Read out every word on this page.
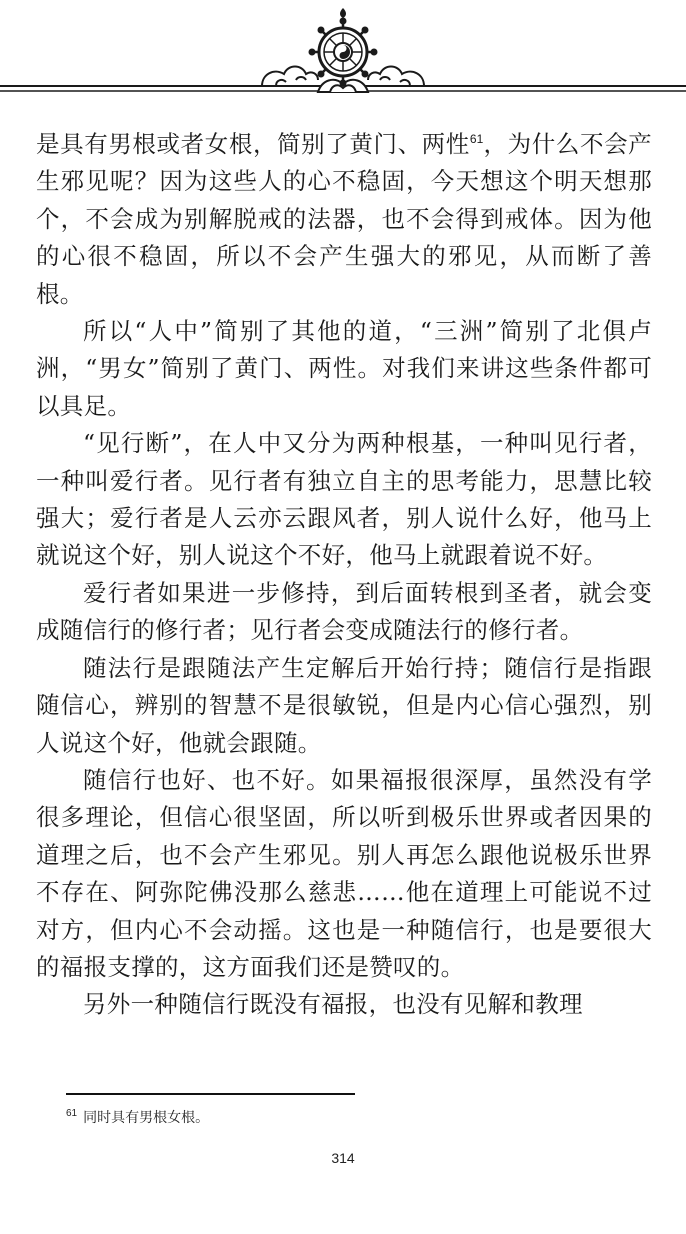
是具有男根或者女根，简别了黄门、两性$^{61}$，为什么不会产生邪见呢？因为这些人的心不稳固，今天想这个明天想那个，不会成为别解脱戒的法器，也不会得到戒体。因为他的心很不稳固，所以不会产生强大的邪见，从而断了善根。

所以“人中”简别了其他的道，“三洲”简别了北俱卢洲，“男女”简别了黄门、两性。对我们来讲这些条件都可以具足。

“见行断”，在人中又分为两种根基，一种叫见行者，一种叫爱行者。见行者有独立自主的思考能力，思慧比较强大；爱行者是人云亦云跟风者，别人说什么好，他马上就说这个好，别人说这个不好，他马上就跟着说不好。

爱行者如果进一步修持，到后面转根到圣者，就会变成随信行的修行者；见行者会变成随法行的修行者。

随法行是跟随法产生定解后开始行持；随信行是指跟随信心，辨别的智慧不是很敏锐，但是内心信心强烈，别人说这个好，他就会跟随。

随信行也好、也不好。如果福报很深厚，虽然没有学很多理论，但信心很坚固，所以听到极乐世界或者因果的道理之后，也不会产生邪见。别人再怎么跟他说极乐世界不存在、阿弥陀佛没那么慈悲……他在道理上可能说不过对方，但内心不会动摇。这也是一种随信行，也是要很大的福报支撑的，这方面我们还是赞叹的。

另外一种随信行既没有福报，也没有见解和教理

$^{61}$ 同时具有男根女根。
314
